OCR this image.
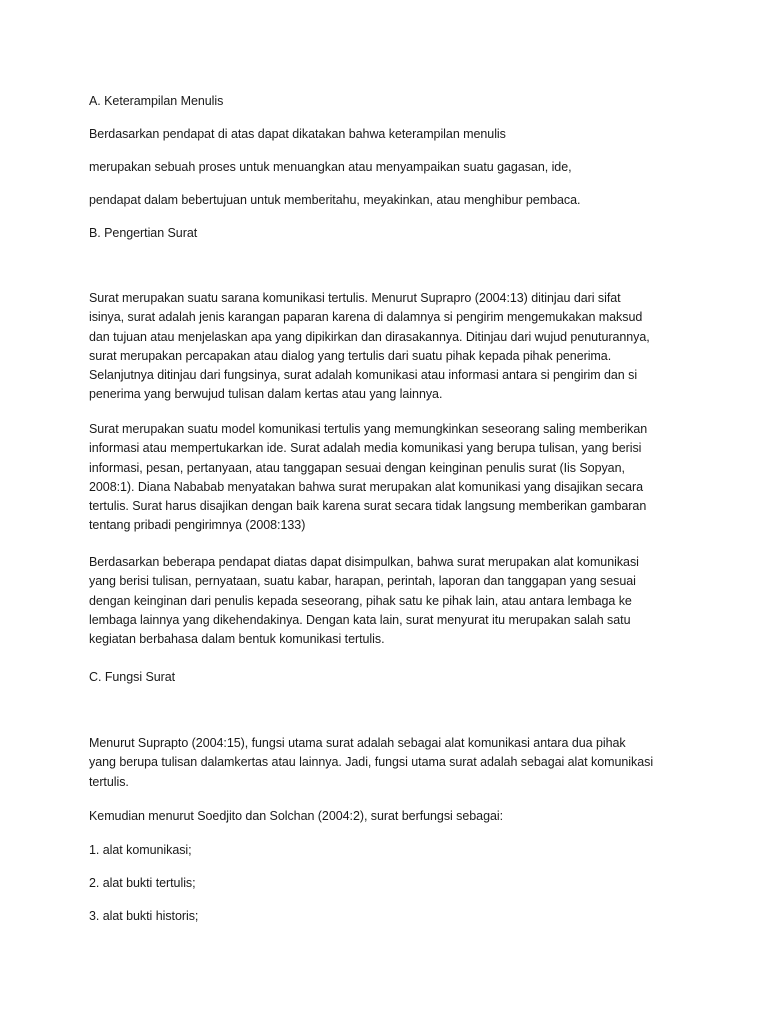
A. Keterampilan Menulis
Berdasarkan pendapat di atas dapat dikatakan bahwa keterampilan menulis
merupakan sebuah proses untuk menuangkan atau menyampaikan suatu gagasan, ide,
pendapat dalam bebertujuan untuk memberitahu, meyakinkan, atau menghibur pembaca.
B. Pengertian Surat
Surat merupakan suatu sarana komunikasi tertulis. Menurut Suprapro (2004:13) ditinjau dari sifat isinya, surat adalah jenis karangan paparan karena di dalamnya si pengirim mengemukakan maksud dan tujuan atau menjelaskan apa yang dipikirkan dan dirasakannya. Ditinjau dari wujud penuturannya, surat merupakan percapakan atau dialog yang tertulis dari suatu pihak kepada pihak penerima. Selanjutnya ditinjau dari fungsinya, surat adalah komunikasi atau informasi antara si pengirim dan si penerima yang berwujud tulisan dalam kertas atau yang lainnya.
Surat merupakan suatu model komunikasi tertulis yang memungkinkan seseorang saling memberikan informasi atau mempertukarkan ide. Surat adalah media komunikasi yang berupa tulisan, yang berisi informasi, pesan, pertanyaan, atau tanggapan sesuai dengan keinginan penulis surat (Iis Sopyan, 2008:1). Diana Nababab menyatakan bahwa surat merupakan alat komunikasi yang disajikan secara tertulis. Surat harus disajikan dengan baik karena surat secara tidak langsung memberikan gambaran tentang pribadi pengirimnya (2008:133)
Berdasarkan beberapa pendapat diatas dapat disimpulkan, bahwa surat merupakan alat komunikasi yang berisi tulisan, pernyataan, suatu kabar, harapan, perintah, laporan dan tanggapan yang sesuai dengan keinginan dari penulis kepada seseorang, pihak satu ke pihak lain, atau antara lembaga ke lembaga lainnya yang dikehendakinya. Dengan kata lain, surat menyurat itu merupakan salah satu kegiatan berbahasa dalam bentuk komunikasi tertulis.
C. Fungsi Surat
Menurut Suprapto (2004:15), fungsi utama surat adalah sebagai alat komunikasi antara dua pihak yang berupa tulisan dalamkertas atau lainnya. Jadi, fungsi utama surat adalah sebagai alat komunikasi tertulis.
Kemudian menurut Soedjito dan Solchan (2004:2), surat berfungsi sebagai:
1. alat komunikasi;
2. alat bukti tertulis;
3. alat bukti historis;
